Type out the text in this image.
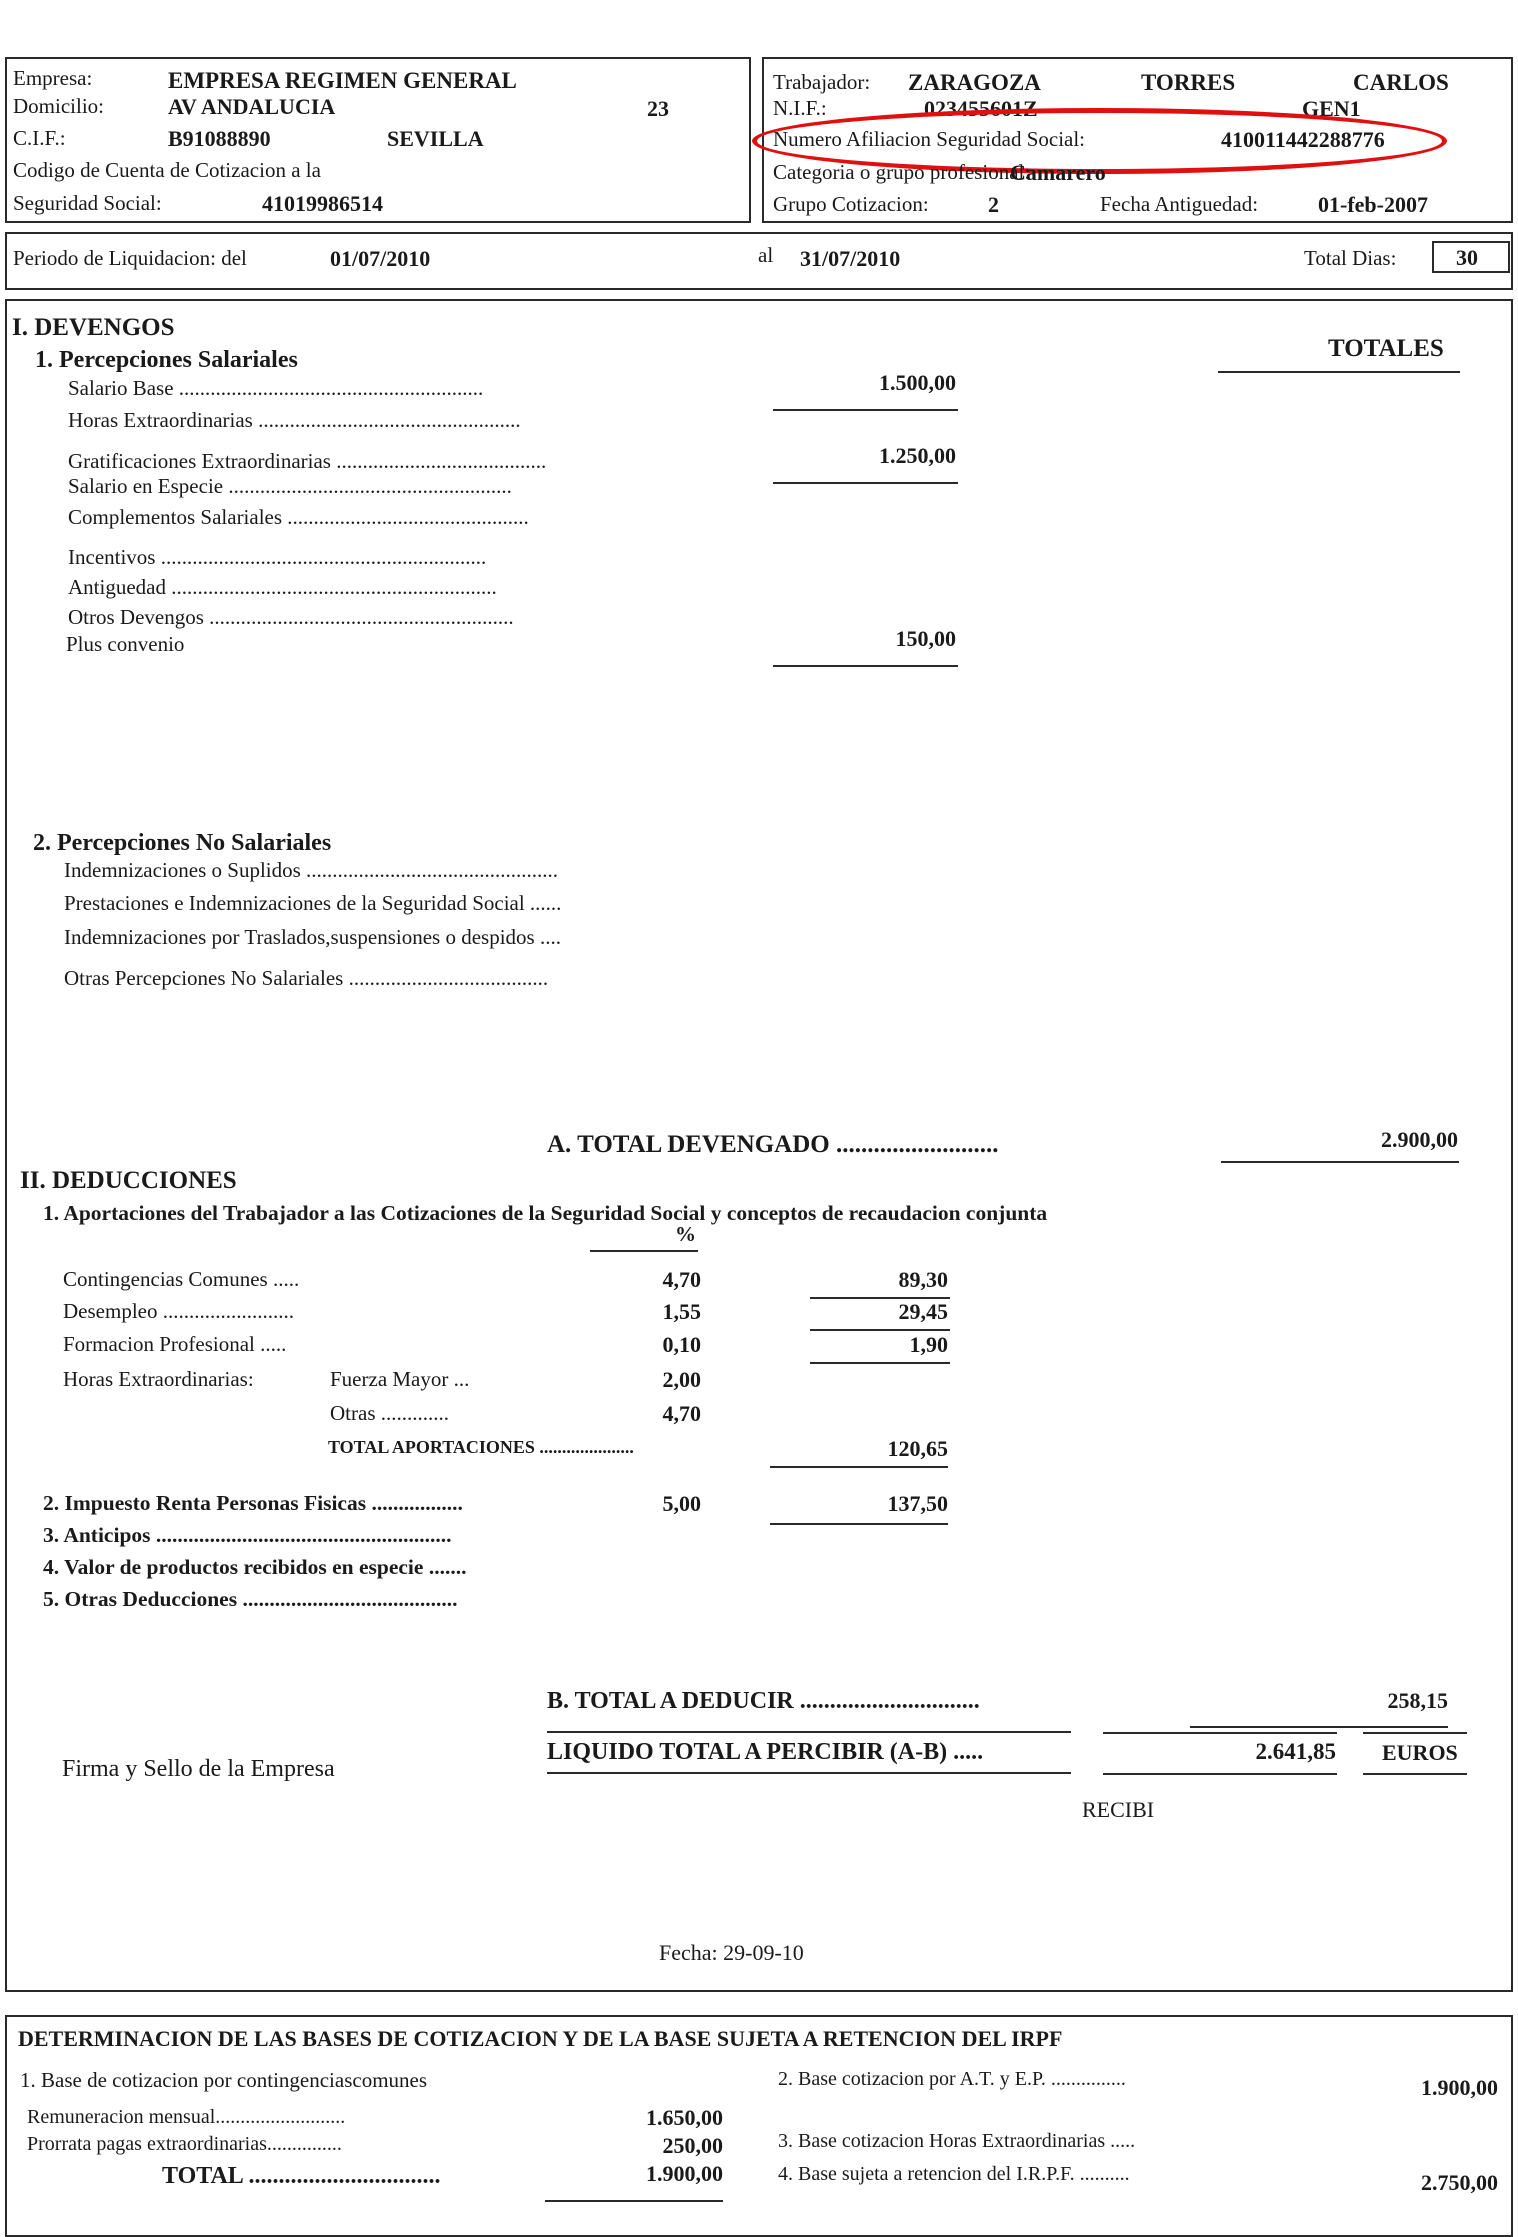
Empresa:	EMPRESA REGIMEN GENERAL
Domicilio:	AV ANDALUCIA	23
C.I.F.:	B91088890	SEVILLA
Codigo de Cuenta de Cotizacion a la
Seguridad Social:	41019986514
Trabajador: ZARAGOZA	TORRES	CARLOS
N.I.F.:	023455601Z	GEN1
Numero Afiliacion Seguridad Social:	410011442288776
Categoria o grupo profesional:
Camarero
Grupo Cotizacion:	2	Fecha Antiguedad:	01-feb-2007
Periodo de Liquidacion: del	01/07/2010	al 31/07/2010	Total Dias:	30
I. DEVENGOS
TOTALES
1. Percepciones Salariales
Salario Base ..........................................................	1.500,00
Horas Extraordinarias ..................................................
Gratificaciones Extraordinarias ........................................	1.250,00
Salario en Especie ......................................................
Complementos Salariales ..............................................
Incentivos ..............................................................
Antiguedad ..............................................................
Otros Devengos ..........................................................
Plus convenio	150,00
2. Percepciones No Salariales
Indemnizaciones o Suplidos ................................................
Prestaciones e Indemnizaciones de la Seguridad Social ......
Indemnizaciones por Traslados,suspensiones o despidos ....
Otras Percepciones No Salariales ......................................
A. TOTAL DEVENGADO ..........................	2.900,00
II. DEDUCCIONES
1. Aportaciones del Trabajador a las Cotizaciones de la Seguridad Social y conceptos de recaudacion conjunta
%
Contingencias Comunes .....	4,70	89,30
Desempleo .........................	1,55	29,45
Formacion Profesional .....	0,10	1,90
Horas Extraordinarias:	Fuerza Mayor ...	2,00
Otras .............	4,70
TOTAL APORTACIONES .....................	120,65
2. Impuesto Renta Personas Fisicas .................	5,00	137,50
3. Anticipos .......................................................
4. Valor de productos recibidos en especie .......
5. Otras Deducciones ........................................
B. TOTAL A DEDUCIR ..............................	258,15
LIQUIDO TOTAL A PERCIBIR (A-B) .....	2.641,85 EUROS
Firma y Sello de la Empresa
RECIBI
Fecha: 29-09-10
DETERMINACION DE LAS BASES DE COTIZACION Y DE LA BASE SUJETA A RETENCION DEL IRPF
1. Base de cotizacion por contingenciascomunes
Remuneracion mensual..........................	1.650,00
Prorrata pagas extraordinarias...............	250,00
TOTAL ................................	1.900,00
2. Base cotizacion por A.T. y E.P. ...............	1.900,00
3. Base cotizacion Horas Extraordinarias .....
4. Base sujeta a retencion del I.R.P.F. ..........	2.750,00
